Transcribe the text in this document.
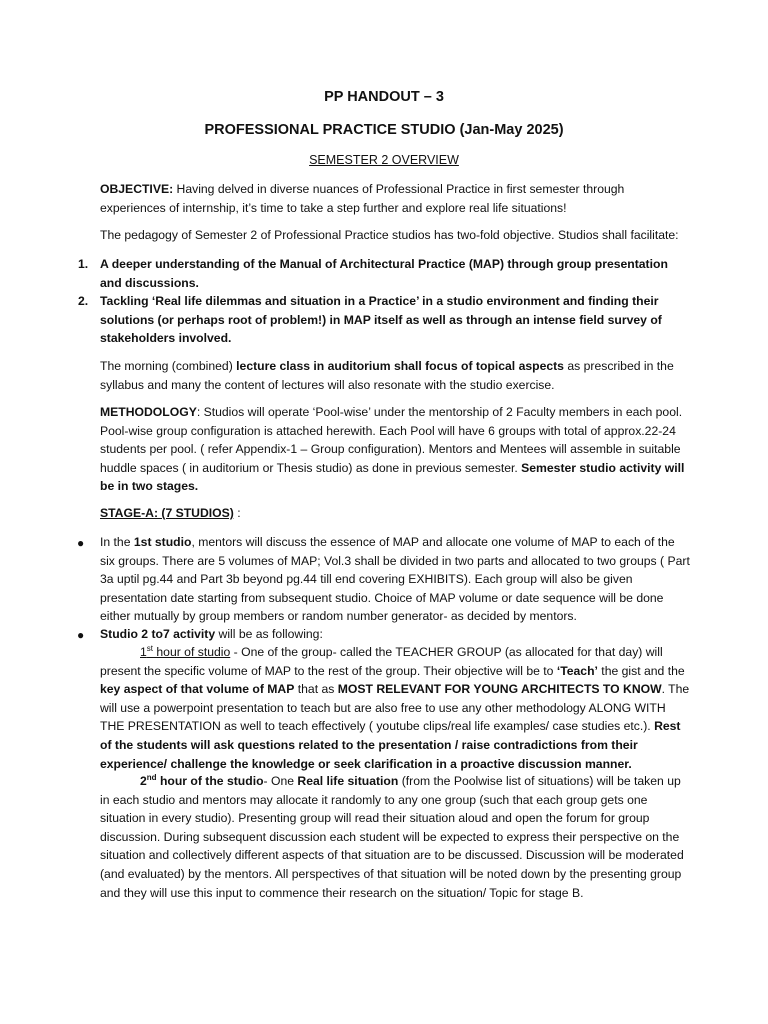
PP HANDOUT – 3
PROFESSIONAL PRACTICE STUDIO (Jan-May 2025)
SEMESTER 2 OVERVIEW

OBJECTIVE: Having delved in diverse nuances of Professional Practice in first semester through experiences of internship, it’s time to take a step further and explore real life situations!

The pedagogy of Semester 2 of Professional Practice studios has two-fold objective. Studios shall facilitate:

1. A deeper understanding of the Manual of Architectural Practice (MAP) through group presentation and discussions.

2. Tackling ‘Real life dilemmas and situation in a Practice’ in a studio environment and finding their solutions (or perhaps root of problem!) in MAP itself as well as through an intense field survey of stakeholders involved.

The morning (combined) lecture class in auditorium shall focus of topical aspects as prescribed in the syllabus and many the content of lectures will also resonate with the studio exercise.

METHODOLOGY: Studios will operate ‘Pool-wise’ under the mentorship of 2 Faculty members in each pool. Pool-wise group configuration is attached herewith. Each Pool will have 6 groups with total of approx.22-24 students per pool. ( refer Appendix-1 – Group configuration). Mentors and Mentees will assemble in suitable huddle spaces ( in auditorium or Thesis studio) as done in previous semester. Semester studio activity will be in two stages.

STAGE-A: (7 STUDIOS) :

● In the 1st studio, mentors will discuss the essence of MAP and allocate one volume of MAP to each of the six groups. There are 5 volumes of MAP; Vol.3 shall be divided in two parts and allocated to two groups ( Part 3a uptil pg.44 and Part 3b beyond pg.44 till end covering EXHIBITS). Each group will also be given presentation date starting from subsequent studio. Choice of MAP volume or date sequence will be done either mutually by group members or random number generator- as decided by mentors.

● Studio 2 to7 activity will be as following:

1st hour of studio - One of the group- called the TEACHER GROUP (as allocated for that day) will present the specific volume of MAP to the rest of the group. Their objective will be to ‘Teach’ the gist and the key aspect of that volume of MAP that as MOST RELEVANT FOR YOUNG ARCHITECTS TO KNOW. The will use a powerpoint presentation to teach but are also free to use any other methodology ALONG WITH THE PRESENTATION as well to teach effectively ( youtube clips/real life examples/ case studies etc.). Rest of the students will ask questions related to the presentation / raise contradictions from their experience/ challenge the knowledge or seek clarification in a proactive discussion manner.

2nd hour of the studio- One Real life situation (from the Poolwise list of situations) will be taken up in each studio and mentors may allocate it randomly to any one group (such that each group gets one situation in every studio). Presenting group will read their situation aloud and open the forum for group discussion. During subsequent discussion each student will be expected to express their perspective on the situation and collectively different aspects of that situation are to be discussed. Discussion will be moderated (and evaluated) by the mentors. All perspectives of that situation will be noted down by the presenting group and they will use this input to commence their research on the situation/ Topic for stage B.
